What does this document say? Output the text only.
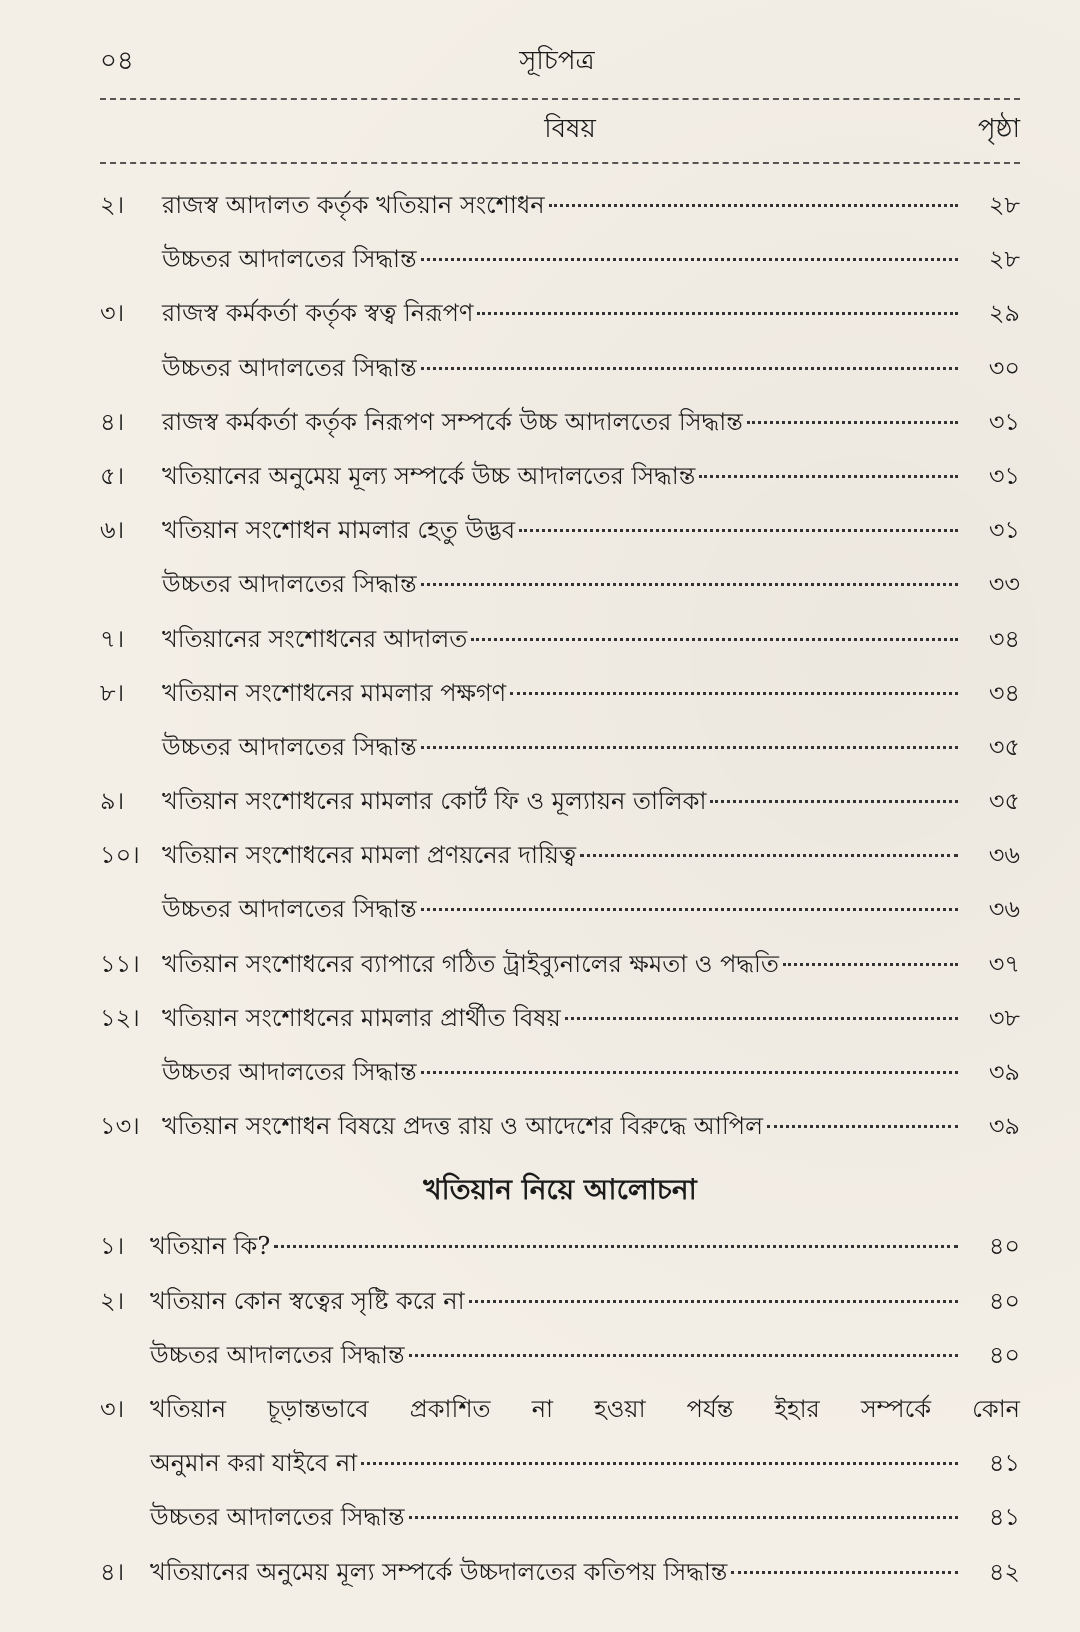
০৪	সূচিপত্র
বিষয়	পৃষ্ঠা
২।	রাজস্ব আদালত কর্তৃক খতিয়ান সংশোধন	২৮
উচ্চতর আদালতের সিদ্ধান্ত	২৮
৩।	রাজস্ব কর্মকর্তা কর্তৃক স্বত্ব নিরূপণ	২৯
উচ্চতর আদালতের সিদ্ধান্ত	৩০
৪।	রাজস্ব কর্মকর্তা কর্তৃক নিরূপণ সম্পর্কে উচ্চ আদালতের সিদ্ধান্ত	৩১
৫।	খতিয়ানের অনুমেয় মূল্য সম্পর্কে উচ্চ আদালতের সিদ্ধান্ত	৩১
৬।	খতিয়ান সংশোধন মামলার হেতু উদ্ভব	৩১
উচ্চতর আদালতের সিদ্ধান্ত	৩৩
৭।	খতিয়ানের সংশোধনের আদালত	৩৪
৮।	খতিয়ান সংশোধনের মামলার পক্ষগণ	৩৪
উচ্চতর আদালতের সিদ্ধান্ত	৩৫
৯।	খতিয়ান সংশোধনের মামলার কোর্ট ফি ও মূল্যায়ন তালিকা	৩৫
১০। খতিয়ান সংশোধনের মামলা প্রণয়নের দায়িত্ব	৩৬
উচ্চতর আদালতের সিদ্ধান্ত	৩৬
১১। খতিয়ান সংশোধনের ব্যাপারে গঠিত ট্রাইব্যুনালের ক্ষমতা ও পদ্ধতি	৩৭
১২। খতিয়ান সংশোধনের মামলার প্রার্থীত বিষয়	৩৮
উচ্চতর আদালতের সিদ্ধান্ত	৩৯
১৩। খতিয়ান সংশোধন বিষয়ে প্রদত্ত রায় ও আদেশের বিরুদ্ধে আপিল	৩৯
খতিয়ান নিয়ে আলোচনা
১।	খতিয়ান কি?	৪০
২।	খতিয়ান কোন স্বত্বের সৃষ্টি করে না	৪০
উচ্চতর আদালতের সিদ্ধান্ত	৪০
৩।	খতিয়ান চূড়ান্তভাবে প্রকাশিত না হওয়া পর্যন্ত ইহার সম্পর্কে কোন
অনুমান করা যাইবে না	৪১
উচ্চতর আদালতের সিদ্ধান্ত	৪১
৪।	খতিয়ানের অনুমেয় মূল্য সম্পর্কে উচ্চদালতের কতিপয় সিদ্ধান্ত	৪২
